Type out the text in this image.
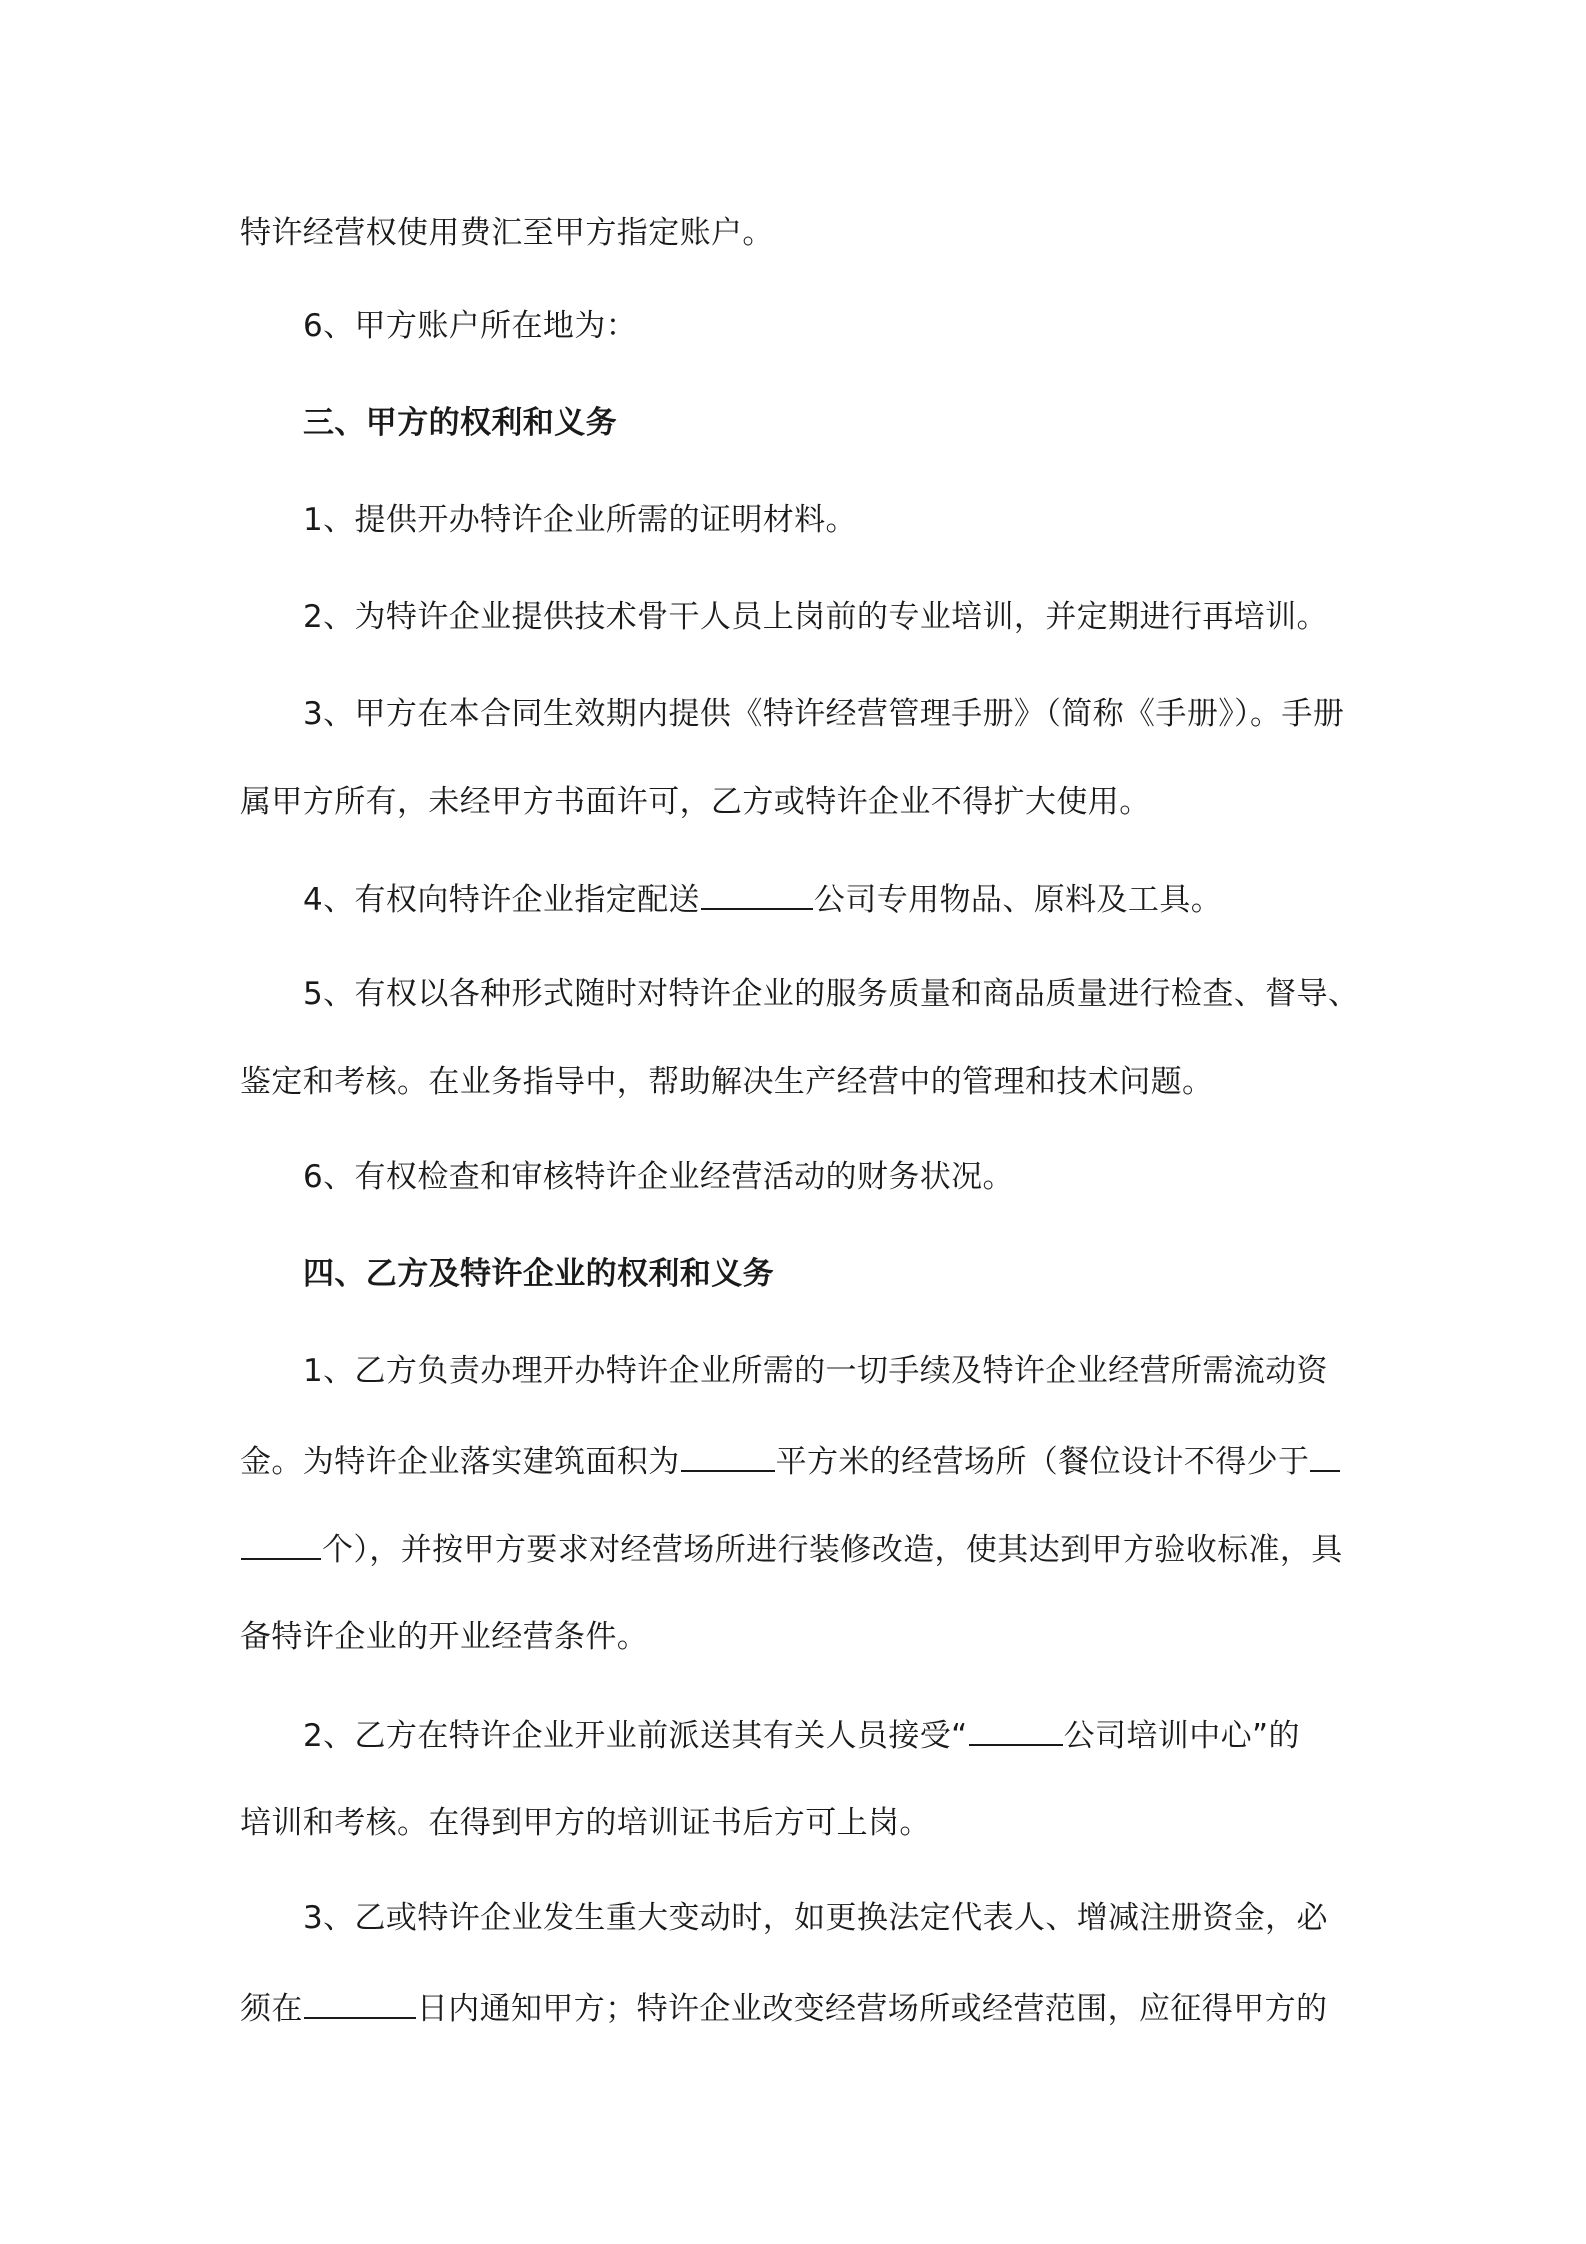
特许经营权使用费汇至甲方指定账户。
6、甲方账户所在地为：
三、甲方的权利和义务
1、提供开办特许企业所需的证明材料。
2、为特许企业提供技术骨干人员上岗前的专业培训，并定期进行再培训。
3、甲方在本合同生效期内提供《特许经营管理手册》（简称《手册》）。手册
属甲方所有，未经甲方书面许可，乙方或特许企业不得扩大使用。
4、有权向特许企业指定配送	公司专用物品、原料及工具。
5、有权以各种形式随时对特许企业的服务质量和商品质量进行检查、督导、
鉴定和考核。在业务指导中，帮助解决生产经营中的管理和技术问题。
6、有权检查和审核特许企业经营活动的财务状况。
四、乙方及特许企业的权利和义务
1、乙方负责办理开办特许企业所需的一切手续及特许企业经营所需流动资
金。为特许企业落实建筑面积为	平方米的经营场所（餐位设计不得少于
个），并按甲方要求对经营场所进行装修改造，使其达到甲方验收标准，具
备特许企业的开业经营条件。
2、乙方在特许企业开业前派送其有关人员接受“	公司培训中心”的
培训和考核。在得到甲方的培训证书后方可上岗。
3、乙或特许企业发生重大变动时，如更换法定代表人、增减注册资金，必
须在	日内通知甲方；特许企业改变经营场所或经营范围，应征得甲方的
